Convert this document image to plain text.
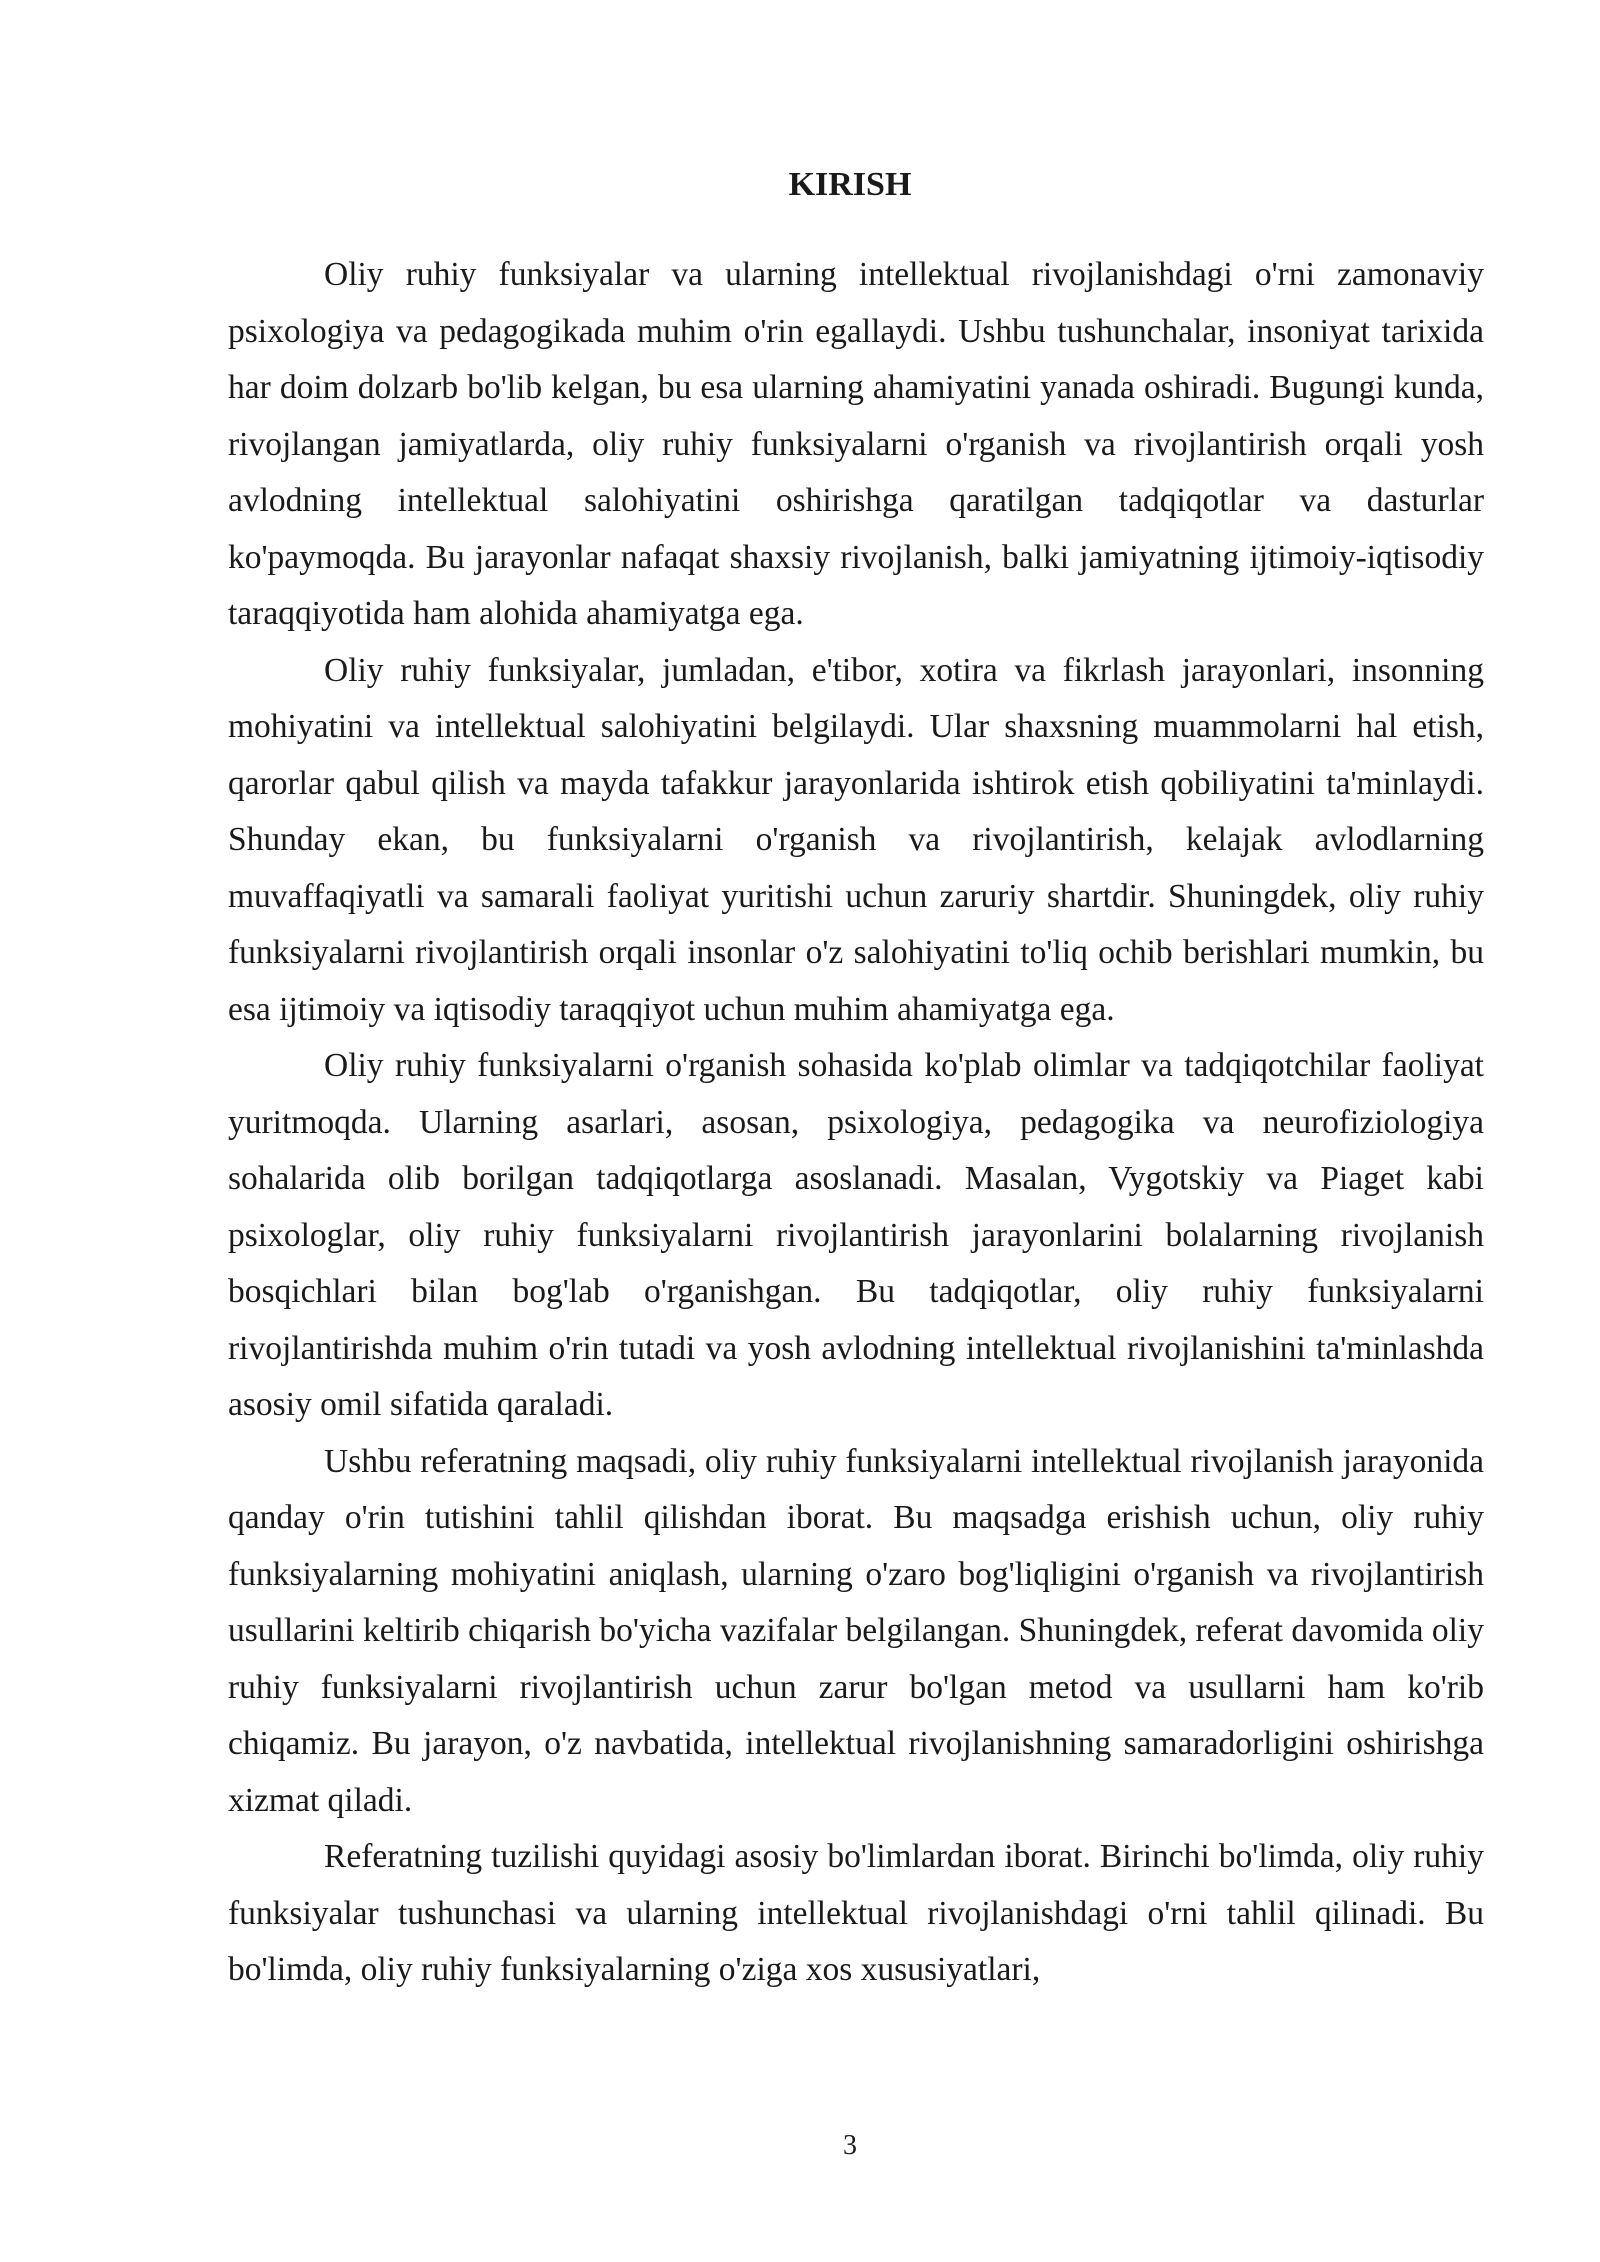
KIRISH

Oliy ruhiy funksiyalar va ularning intellektual rivojlanishdagi o'rni zamonaviy psixologiya va pedagogikada muhim o'rin egallaydi. Ushbu tushunchalar, insoniyat tarixida har doim dolzarb bo'lib kelgan, bu esa ularning ahamiyatini yanada oshiradi. Bugungi kunda, rivojlangan jamiyatlarda, oliy ruhiy funksiyalarni o'rganish va rivojlantirish orqali yosh avlodning intellektual salohiyatini oshirishga qaratilgan tadqiqotlar va dasturlar ko'paymoqda. Bu jarayonlar nafaqat shaxsiy rivojlanish, balki jamiyatning ijtimoiy-iqtisodiy taraqqiyotida ham alohida ahamiyatga ega.

Oliy ruhiy funksiyalar, jumladan, e'tibor, xotira va fikrlash jarayonlari, insonning mohiyatini va intellektual salohiyatini belgilaydi. Ular shaxsning muammolarni hal etish, qarorlar qabul qilish va mayda tafakkur jarayonlarida ishtirok etish qobiliyatini ta'minlaydi. Shunday ekan, bu funksiyalarni o'rganish va rivojlantirish, kelajak avlodlarning muvaffaqiyatli va samarali faoliyat yuritishi uchun zaruriy shartdir. Shuningdek, oliy ruhiy funksiyalarni rivojlantirish orqali insonlar o'z salohiyatini to'liq ochib berishlari mumkin, bu esa ijtimoiy va iqtisodiy taraqqiyot uchun muhim ahamiyatga ega.

Oliy ruhiy funksiyalarni o'rganish sohasida ko'plab olimlar va tadqiqotchilar faoliyat yuritmoqda. Ularning asarlari, asosan, psixologiya, pedagogika va neurofiziologiya sohalarida olib borilgan tadqiqotlarga asoslanadi. Masalan, Vygotskiy va Piaget kabi psixologlar, oliy ruhiy funksiyalarni rivojlantirish jarayonlarini bolalarning rivojlanish bosqichlari bilan bog'lab o'rganishgan. Bu tadqiqotlar, oliy ruhiy funksiyalarni rivojlantirishda muhim o'rin tutadi va yosh avlodning intellektual rivojlanishini ta'minlashda asosiy omil sifatida qaraladi.

Ushbu referatning maqsadi, oliy ruhiy funksiyalarni intellektual rivojlanish jarayonida qanday o'rin tutishini tahlil qilishdan iborat. Bu maqsadga erishish uchun, oliy ruhiy funksiyalarning mohiyatini aniqlash, ularning o'zaro bog'liqligini o'rganish va rivojlantirish usullarini keltirib chiqarish bo'yicha vazifalar belgilangan. Shuningdek, referat davomida oliy ruhiy funksiyalarni rivojlantirish uchun zarur bo'lgan metod va usullarni ham ko'rib chiqamiz. Bu jarayon, o'z navbatida, intellektual rivojlanishning samaradorligini oshirishga xizmat qiladi.

Referatning tuzilishi quyidagi asosiy bo'limlardan iborat. Birinchi bo'limda, oliy ruhiy funksiyalar tushunchasi va ularning intellektual rivojlanishdagi o'rni tahlil qilinadi. Bu bo'limda, oliy ruhiy funksiyalarning o'ziga xos xususiyatlari,

3
